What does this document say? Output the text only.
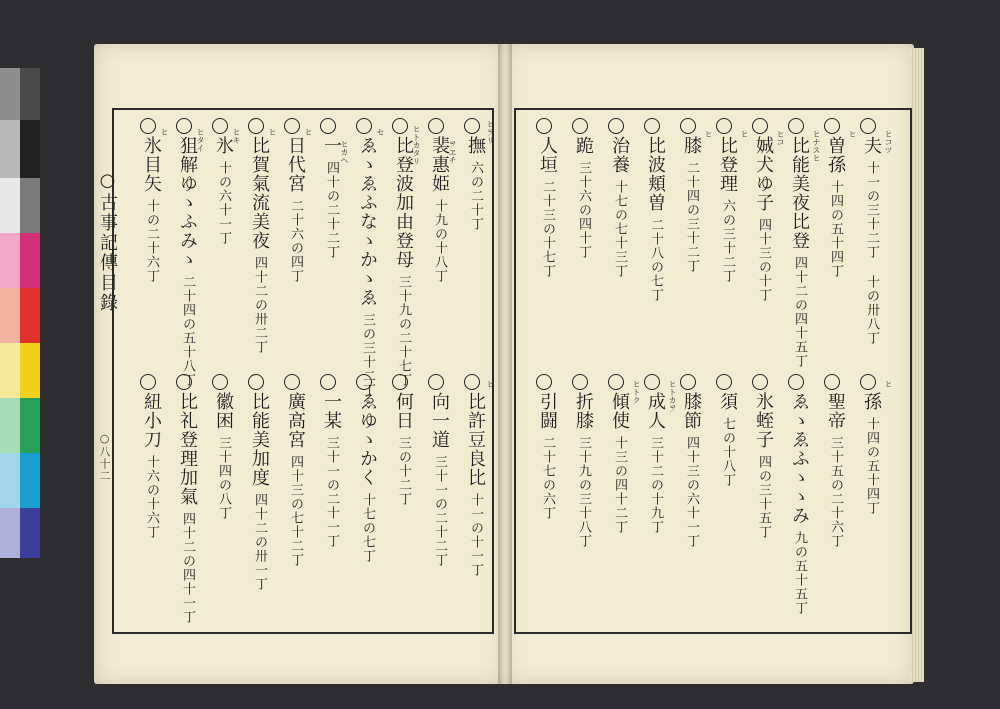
○古事記傳目錄
○八十二
夫十一の三十二丁 十の卅八丁
曽孫十四の五十四丁
比能美夜比登四十二の四十五丁
娍犬ゆ子四十三の十丁
比登理六の三十二丁
膝二十四の三十二丁
比波頬曽二十八の七丁
治養十七の七十三丁
跪三十六の四十丁
人垣二十三の十七丁
孫十四の五十四丁
聖帝三十五の二十六丁
ゑゝゑふゝゝみ九の五十五丁
氷蛭子四の三十五丁
須七の十八丁
膝節四十三の六十一丁
成人三十二の十九丁
傾使十三の四十二丁
折膝三十九の三十八丁
引闘二十七の六丁
撫六の二十丁
裴惠姫十九の十八丁
比登波加由登母三十九の二十七丁
ゑゝゑふなゝかゝゑ三の三十二丁
一四十の二十二丁
日代宮二十六の四丁
比賀氣流美夜四十二の卅二丁
氷十の六十一丁
狙解ゆゝふみゝ二十四の五十八丁
氷目矢十の二十六丁
比許豆良比十一の十一丁
向一道三十一の二十二丁
何日三の十二丁
ゑゆゝかく十七の七丁
一某三十一の二十一丁
廣高宮四十三の七十二丁
比能美加度四十二の卅一丁
徽困三十四の八丁
比礼登理加氣四十二の四十一丁
紐小刀十六の十六丁
ヒヲリ
ヲヱチ
ヒトカタリ
セ
ヒカヘ
ヒ
ヒ
ヒキ
ヒタイ
ヒ
ヒ
ヒコツ
ヒ
ヒナスヒ
ヒコ
ヒ
ヒ
ヒトカヲ
ヒトク	ヒ
